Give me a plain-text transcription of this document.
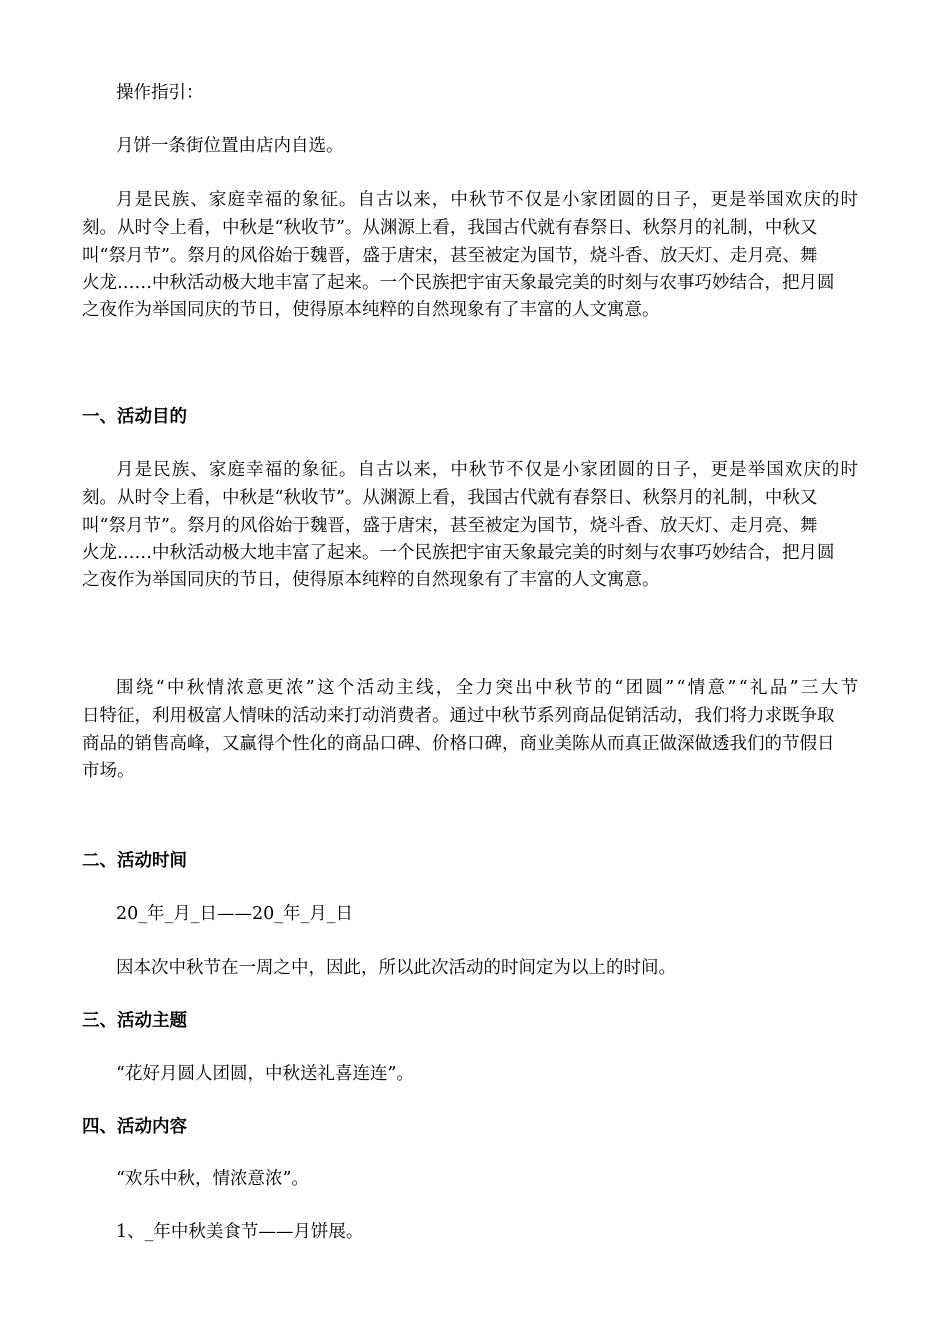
操作指引：
月饼一条街位置由店内自选。
月是民族、家庭幸福的象征。自古以来，中秋节不仅是小家团圆的日子，更是举国欢庆的时
刻。从时令上看，中秋是“秋收节”。从渊源上看，我国古代就有春祭日、秋祭月的礼制，中秋又
叫“祭月节”。祭月的风俗始于魏晋，盛于唐宋，甚至被定为国节，烧斗香、放天灯、走月亮、舞
火龙……中秋活动极大地丰富了起来。一个民族把宇宙天象最完美的时刻与农事巧妙结合，把月圆
之夜作为举国同庆的节日，使得原本纯粹的自然现象有了丰富的人文寓意。
一、活动目的
月是民族、家庭幸福的象征。自古以来，中秋节不仅是小家团圆的日子，更是举国欢庆的时
刻。从时令上看，中秋是“秋收节”。从渊源上看，我国古代就有春祭日、秋祭月的礼制，中秋又
叫“祭月节”。祭月的风俗始于魏晋，盛于唐宋，甚至被定为国节，烧斗香、放天灯、走月亮、舞
火龙……中秋活动极大地丰富了起来。一个民族把宇宙天象最完美的时刻与农事巧妙结合，把月圆
之夜作为举国同庆的节日，使得原本纯粹的自然现象有了丰富的人文寓意。
围绕“中秋情浓意更浓”这个活动主线，全力突出中秋节的“团圆”“情意”“礼品”三大节
日特征，利用极富人情味的活动来打动消费者。通过中秋节系列商品促销活动，我们将力求既争取
商品的销售高峰，又赢得个性化的商品口碑、价格口碑，商业美陈从而真正做深做透我们的节假日
市场。
二、活动时间
20_年_月_日——20_年_月_日
因本次中秋节在一周之中，因此，所以此次活动的时间定为以上的时间。
三、活动主题
“花好月圆人团圆，中秋送礼喜连连”。
四、活动内容
“欢乐中秋，情浓意浓”。
1、_年中秋美食节——月饼展。
